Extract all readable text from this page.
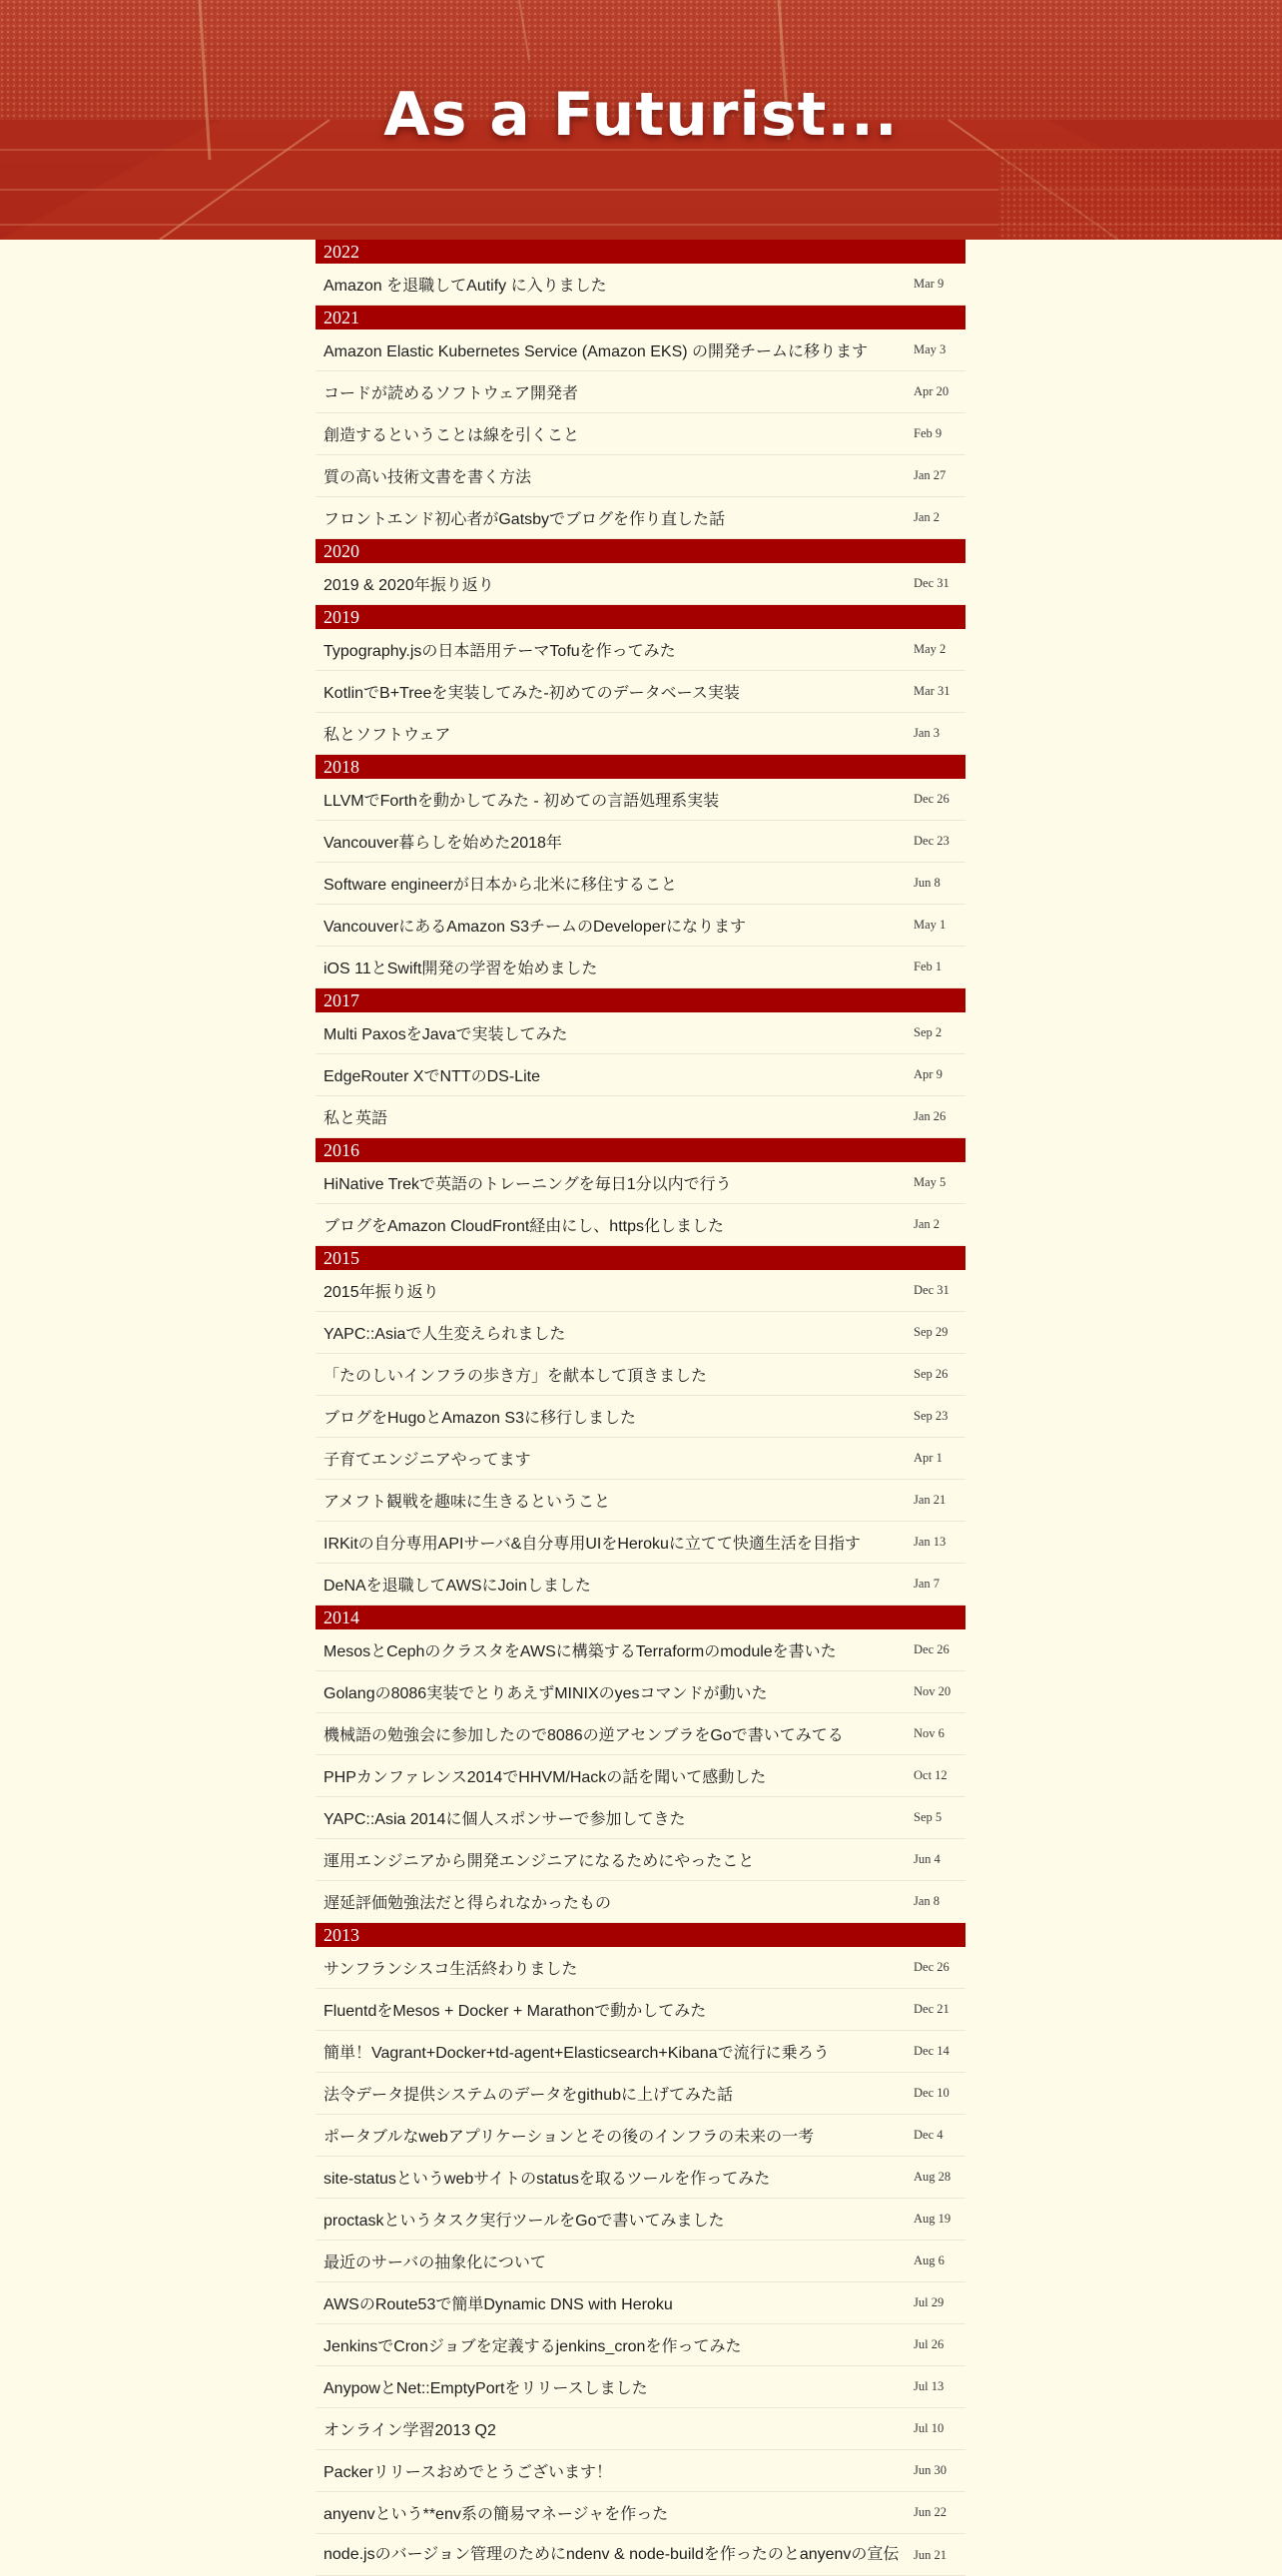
As a Futurist...
2022
Amazon を退職してAutify に入りました	Mar 9
2021
Amazon Elastic Kubernetes Service (Amazon EKS) の開発チームに移ります	May 3
コードが読めるソフトウェア開発者	Apr 20
創造するということは線を引くこと	Feb 9
質の高い技術文書を書く方法	Jan 27
フロントエンド初心者がGatsbyでブログを作り直した話	Jan 2
2020
2019 & 2020年振り返り	Dec 31
2019
Typography.jsの日本語用テーマTofuを作ってみた	May 2
KotlinでB+Treeを実装してみた-初めてのデータベース実装	Mar 31
私とソフトウェア	Jan 3
2018
LLVMでForthを動かしてみた - 初めての言語処理系実装	Dec 26
Vancouver暮らしを始めた2018年	Dec 23
Software engineerが日本から北米に移住すること	Jun 8
VancouverにあるAmazon S3チームのDeveloperになります	May 1
iOS 11とSwift開発の学習を始めました	Feb 1
2017
Multi PaxosをJavaで実装してみた	Sep 2
EdgeRouter XでNTTのDS-Lite	Apr 9
私と英語	Jan 26
2016
HiNative Trekで英語のトレーニングを毎日1分以内で行う	May 5
ブログをAmazon CloudFront経由にし、https化しました	Jan 2
2015
2015年振り返り	Dec 31
YAPC::Asiaで人生変えられました	Sep 29
「たのしいインフラの歩き方」を献本して頂きました	Sep 26
ブログをHugoとAmazon S3に移行しました	Sep 23
子育てエンジニアやってます	Apr 1
アメフト観戦を趣味に生きるということ	Jan 21
IRKitの自分専用APIサーバ&自分専用UIをHerokuに立てて快適生活を目指す	Jan 13
DeNAを退職してAWSにJoinしました	Jan 7
2014
MesosとCephのクラスタをAWSに構築するTerraformのmoduleを書いた	Dec 26
Golangの8086実装でとりあえずMINIXのyesコマンドが動いた	Nov 20
機械語の勉強会に参加したので8086の逆アセンブラをGoで書いてみてる	Nov 6
PHPカンファレンス2014でHHVM/Hackの話を聞いて感動した	Oct 12
YAPC::Asia 2014に個人スポンサーで参加してきた	Sep 5
運用エンジニアから開発エンジニアになるためにやったこと	Jun 4
遅延評価勉強法だと得られなかったもの	Jan 8
2013
サンフランシスコ生活終わりました	Dec 26
FluentdをMesos + Docker + Marathonで動かしてみた	Dec 21
簡単！Vagrant+Docker+td-agent+Elasticsearch+Kibanaで流行に乗ろう	Dec 14
法令データ提供システムのデータをgithubに上げてみた話	Dec 10
ポータブルなwebアプリケーションとその後のインフラの未来の一考	Dec 4
site-statusというwebサイトのstatusを取るツールを作ってみた	Aug 28
proctaskというタスク実行ツールをGoで書いてみました	Aug 19
最近のサーバの抽象化について	Aug 6
AWSのRoute53で簡単Dynamic DNS with Heroku	Jul 29
JenkinsでCronジョブを定義するjenkins_cronを作ってみた	Jul 26
AnypowとNet::EmptyPortをリリースしました	Jul 13
オンライン学習2013 Q2	Jul 10
Packerリリースおめでとうございます！	Jun 30
anyenvという**env系の簡易マネージャを作った	Jun 22
node.jsのバージョン管理のためにndenv & node-buildを作ったのとanyenvの宣伝 Jun 21
